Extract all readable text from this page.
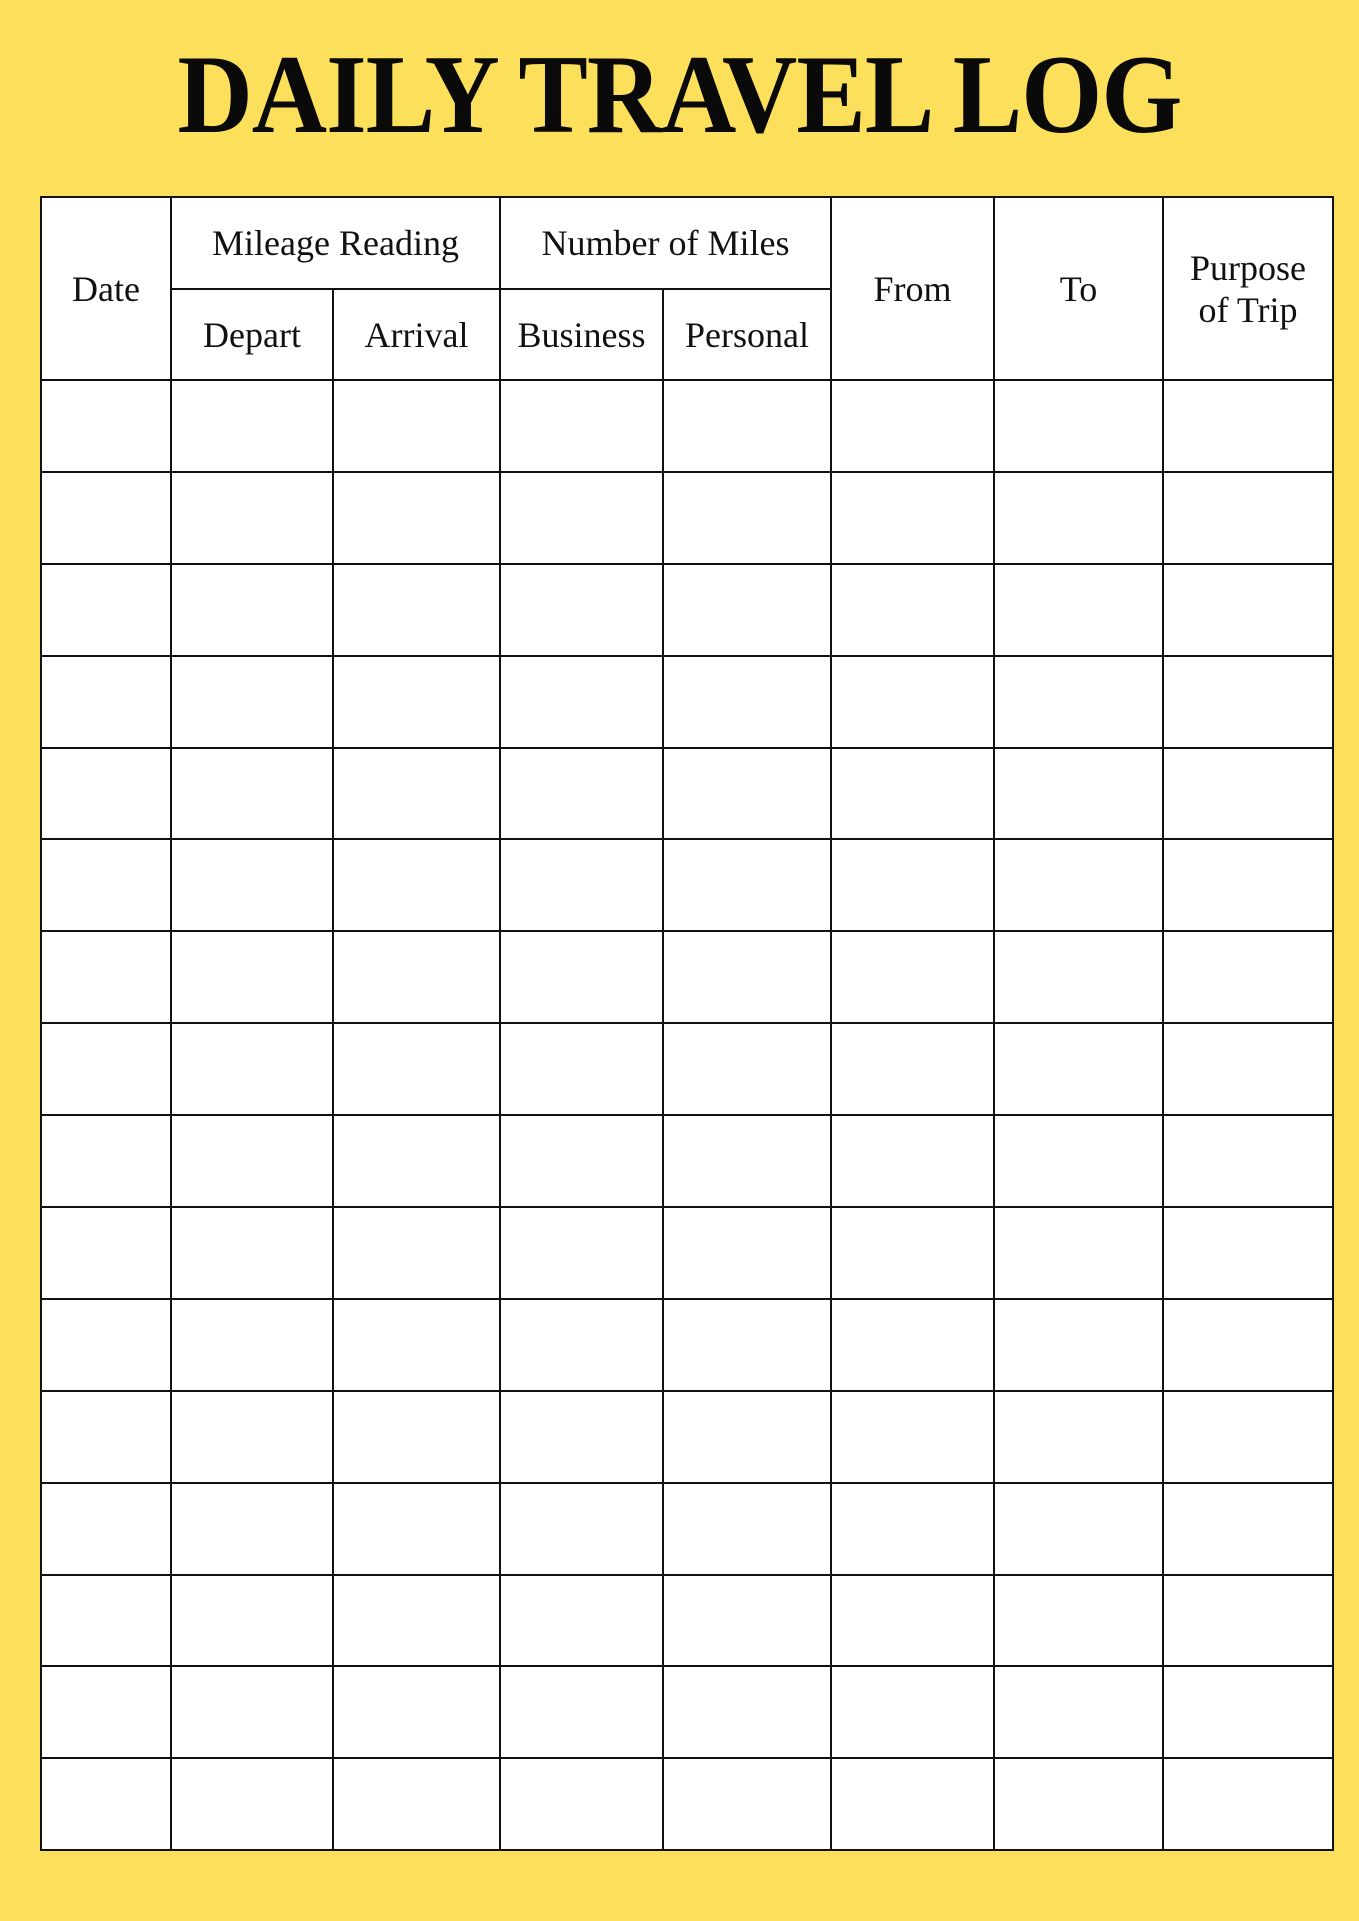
DAILY TRAVEL LOG
Date	Mileage Reading		Number of Miles		From	To	Purpose
of Trip
	Depart	Arrival	Business	Personal			
